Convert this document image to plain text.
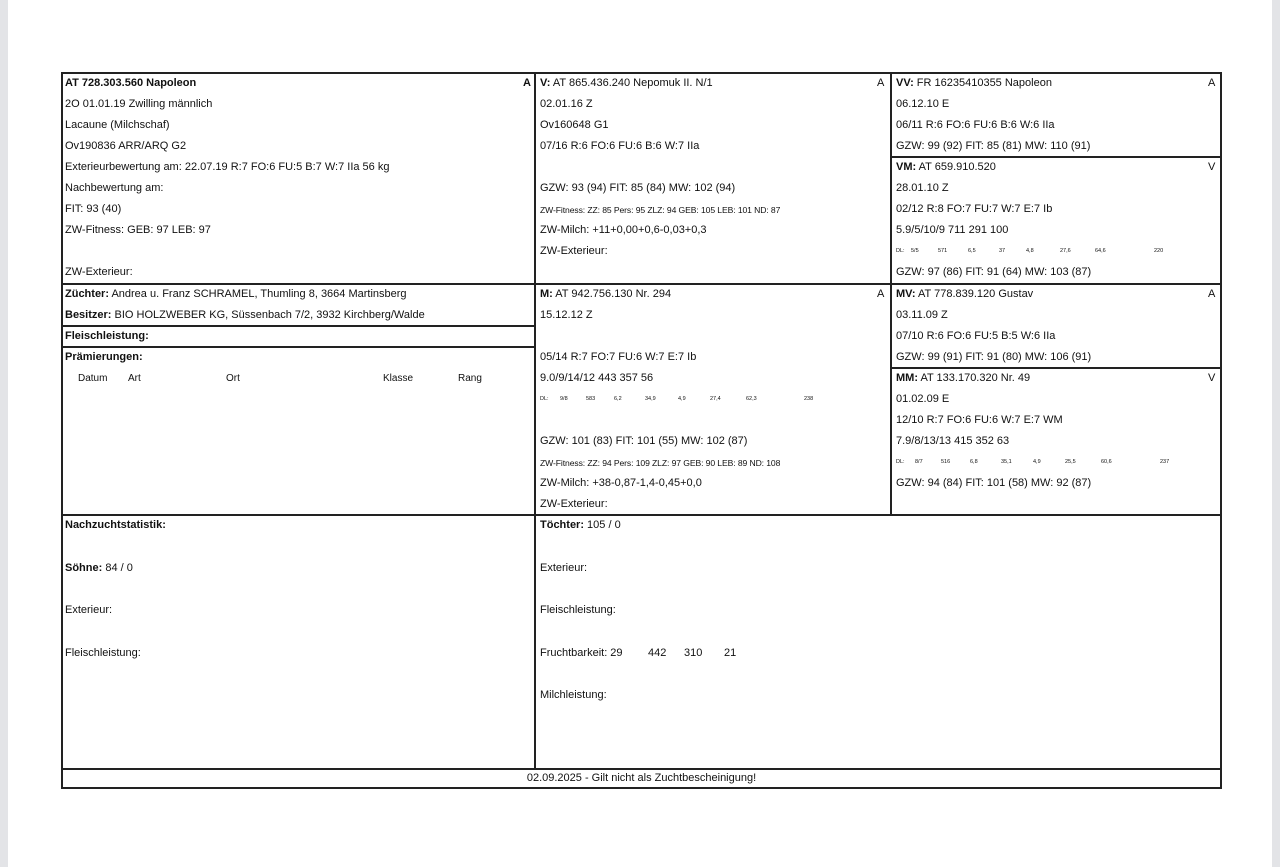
AT 728.303.560 Napoleon	A
2O 01.01.19 Zwilling männlich
Lacaune (Milchschaf)
Ov190836 ARR/ARQ G2
Exterieurbewertung am: 22.07.19 R:7 FO:6 FU:5 B:7 W:7 IIa 56 kg
Nachbewertung am:
FIT: 93 (40)
ZW-Fitness: GEB: 97 LEB: 97
ZW-Exterieur:
V: AT 865.436.240 Nepomuk II. N/1	A
02.01.16 Z
Ov160648 G1
07/16 R:6 FO:6 FU:6 B:6 W:7 IIa
GZW: 93 (94) FIT: 85 (84) MW: 102 (94)
ZW-Fitness: ZZ: 85 Pers: 95 ZLZ: 94 GEB: 105 LEB: 101 ND: 87
ZW-Milch: +11+0,00+0,6-0,03+0,3
ZW-Exterieur:
VV: FR 16235410355 Napoleon	A
06.12.10 E
06/11 R:6 FO:6 FU:6 B:6 W:6 IIa
GZW: 99 (92) FIT: 85 (81) MW: 110 (91)
VM: AT 659.910.520	V
28.01.10 Z
02/12 R:8 FO:7 FU:7 W:7 E:7 Ib
5.9/5/10/9 711 291 100
DL: 5/5	571	6,5	37	4,8	27,6	64,6	220
GZW: 97 (86) FIT: 91 (64) MW: 103 (87)
Züchter: Andrea u. Franz SCHRAMEL, Thumling 8, 3664 Martinsberg
Besitzer: BIO HOLZWEBER KG, Süssenbach 7/2, 3932 Kirchberg/Walde
Fleischleistung:
Prämierungen:
Datum Art	Ort	Klasse	Rang
M: AT 942.756.130 Nr. 294	A
15.12.12 Z
05/14 R:7 FO:7 FU:6 W:7 E:7 Ib
9.0/9/14/12 443 357 56
DL: 9/8	583	6,2	34,9	4,9	27,4	62,3	238
GZW: 101 (83) FIT: 101 (55) MW: 102 (87)
ZW-Fitness: ZZ: 94 Pers: 109 ZLZ: 97 GEB: 90 LEB: 89 ND: 108
ZW-Milch: +38-0,87-1,4-0,45+0,0
ZW-Exterieur:
MV: AT 778.839.120 Gustav	A
03.11.09 Z
07/10 R:6 FO:6 FU:5 B:5 W:6 IIa
GZW: 99 (91) FIT: 91 (80) MW: 106 (91)
MM: AT 133.170.320 Nr. 49	V
01.02.09 E
12/10 R:7 FO:6 FU:6 W:7 E:7 WM
7.9/8/13/13 415 352 63
DL: 8/7	516	6,8	35,1	4,9	25,5	60,6	237
GZW: 94 (84) FIT: 101 (58) MW: 92 (87)
Nachzuchtstatistik:
Söhne: 84 / 0
Exterieur:
Fleischleistung:
Töchter: 105 / 0
Exterieur:
Fleischleistung:
Fruchtbarkeit: 29 442 310 21
Milchleistung:
02.09.2025 - Gilt nicht als Zuchtbescheinigung!
